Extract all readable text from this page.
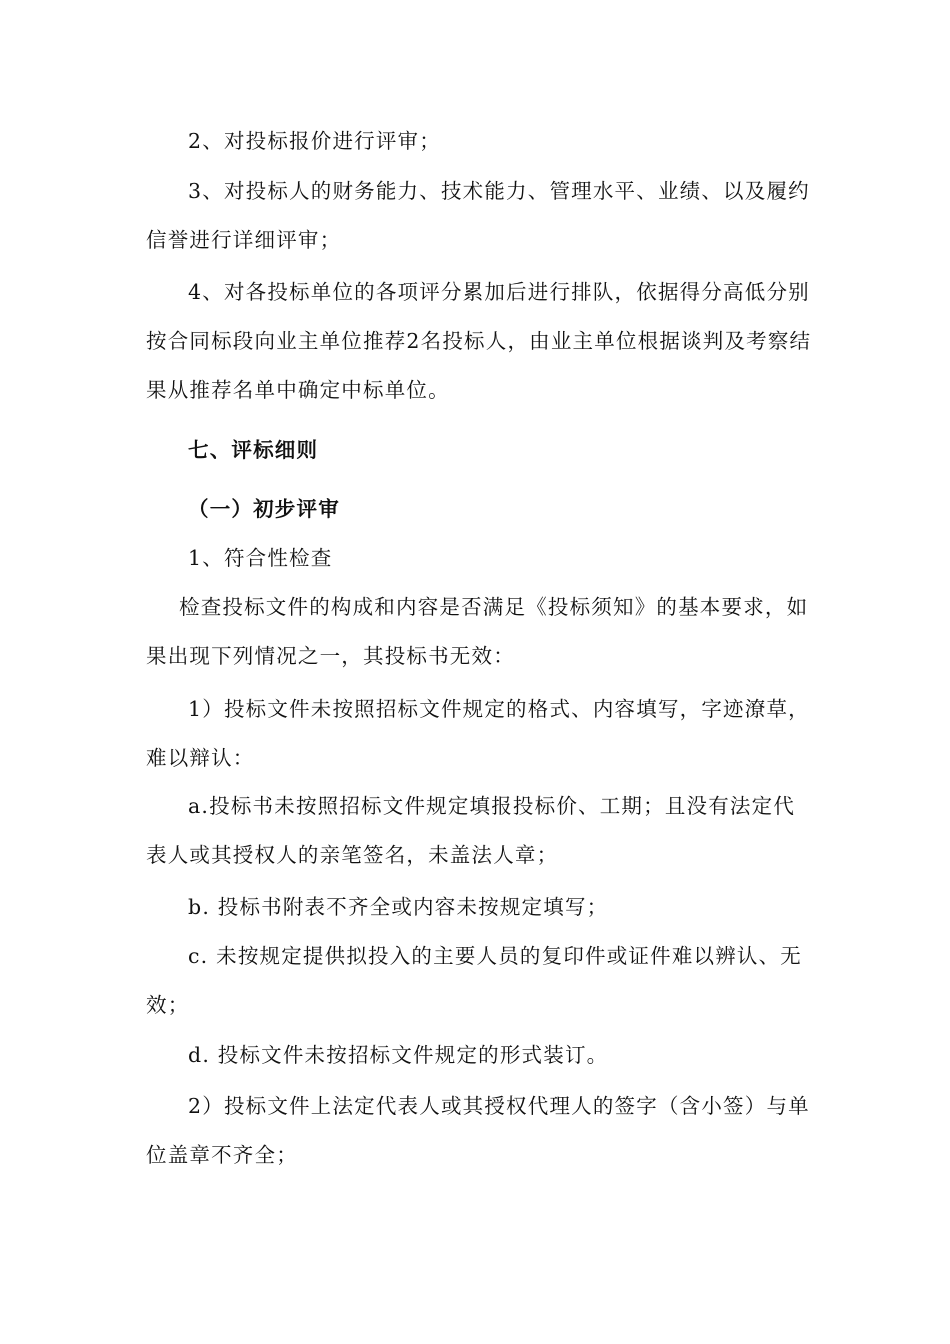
2、对投标报价进行评审；

3、对投标人的财务能力、技术能力、管理水平、业绩、以及履约信誉进行详细评审；

4、对各投标单位的各项评分累加后进行排队，依据得分高低分别按合同标段向业主单位推荐2名投标人，由业主单位根据谈判及考察结果从推荐名单中确定中标单位。

七、评标细则

（一）初步评审

1、符合性检查

检查投标文件的构成和内容是否满足《投标须知》的基本要求，如果出现下列情况之一，其投标书无效：

1）投标文件未按照招标文件规定的格式、内容填写，字迹潦草，难以辩认：

a.投标书未按照招标文件规定填报投标价、工期；且没有法定代表人或其授权人的亲笔签名，未盖法人章；

b. 投标书附表不齐全或内容未按规定填写；

c. 未按规定提供拟投入的主要人员的复印件或证件难以辨认、无效；

d. 投标文件未按招标文件规定的形式装订。

2）投标文件上法定代表人或其授权代理人的签字（含小签）与单位盖章不齐全；
